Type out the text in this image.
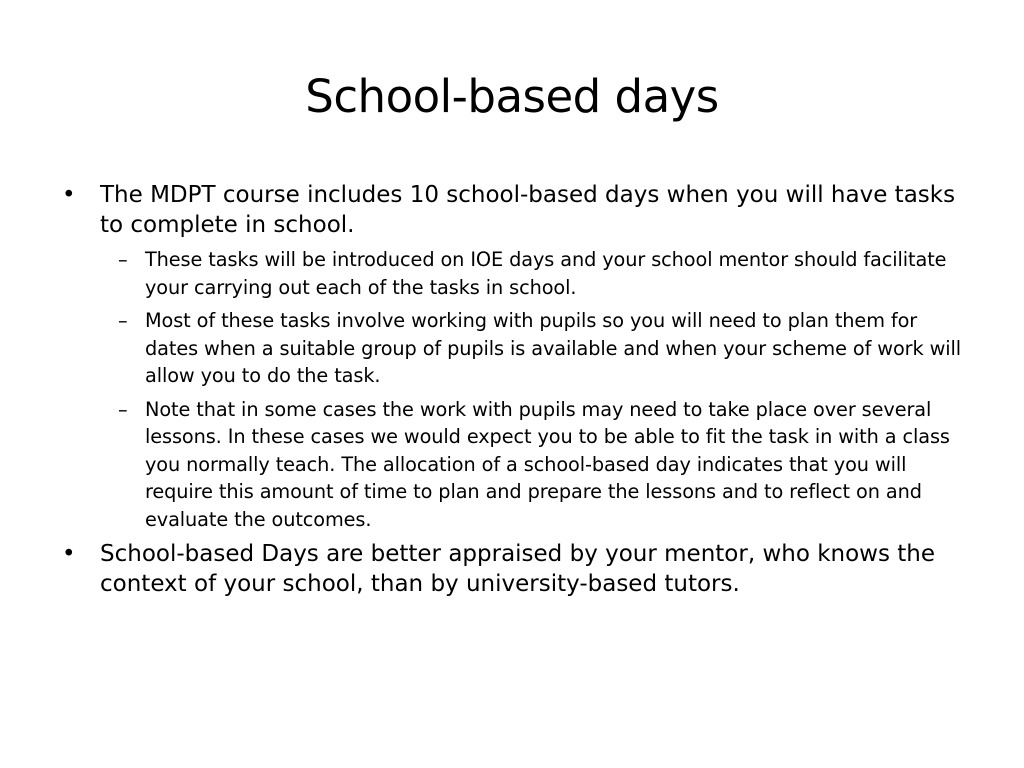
School-based days
• The MDPT course includes 10 school-based days when you will have tasks to complete in school.
– These tasks will be introduced on IOE days and your school mentor should facilitate your carrying out each of the tasks in school.
– Most of these tasks involve working with pupils so you will need to plan them for dates when a suitable group of pupils is available and when your scheme of work will allow you to do the task.
– Note that in some cases the work with pupils may need to take place over several lessons. In these cases we would expect you to be able to fit the task in with a class you normally teach. The allocation of a school-based day indicates that you will require this amount of time to plan and prepare the lessons and to reflect on and evaluate the outcomes.
• School-based Days are better appraised by your mentor, who knows the context of your school, than by university-based tutors.
